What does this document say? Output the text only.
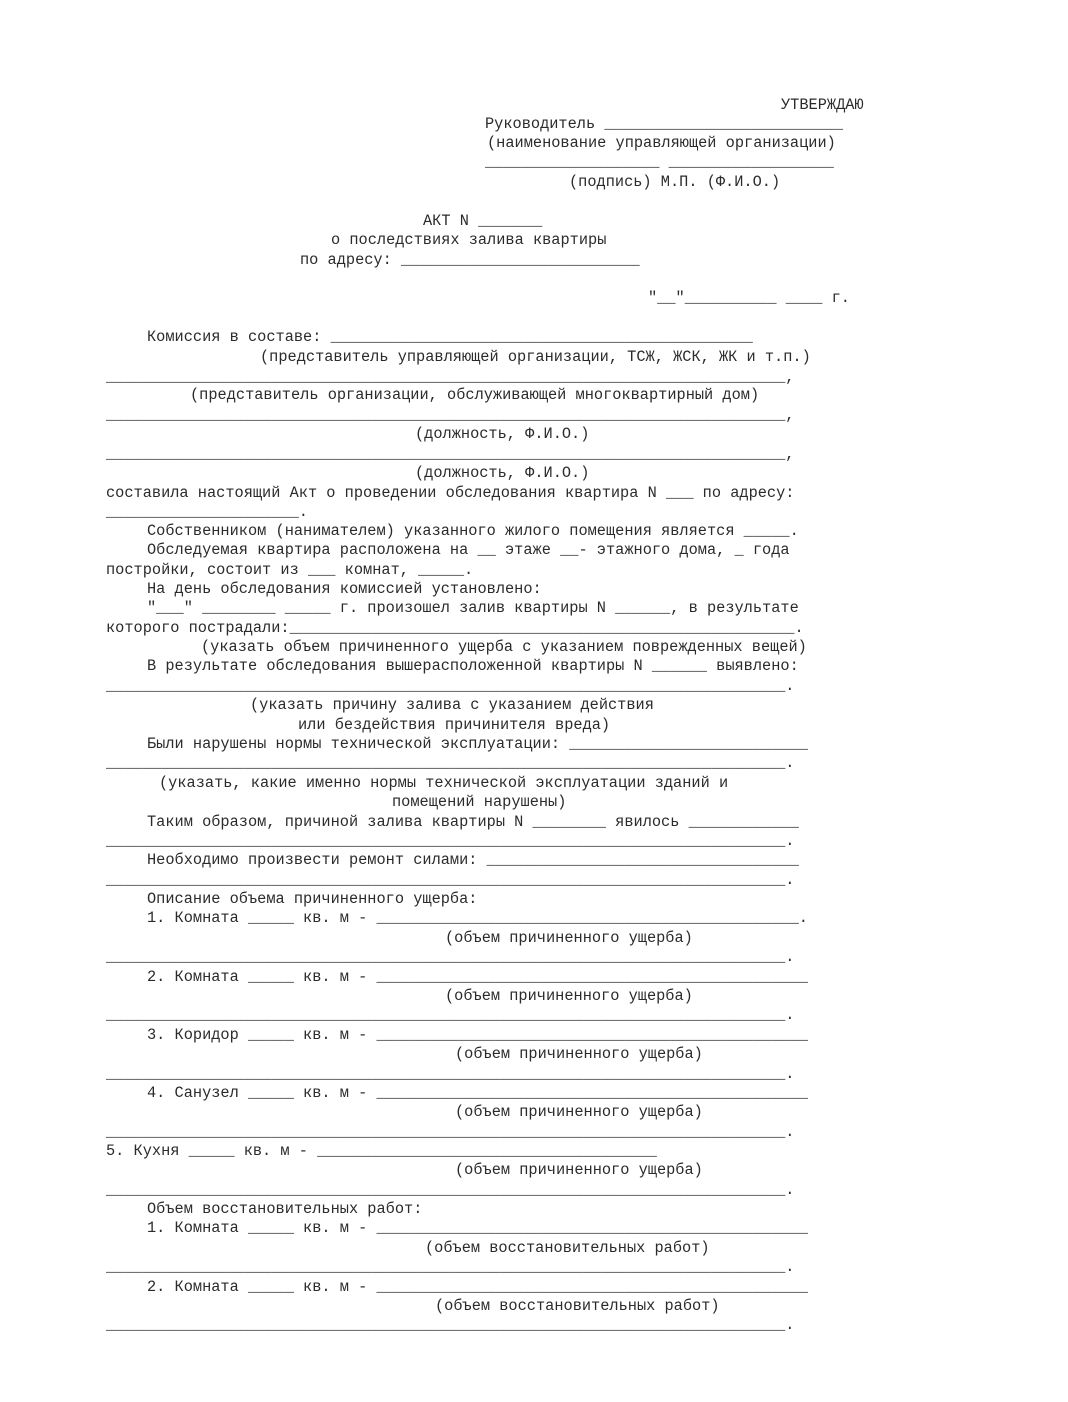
УТВЕРЖДАЮ
Руководитель __________________________
(наименование управляющей организации)
___________________ __________________
(подпись) М.П. (Ф.И.О.)
АКТ N _______
о последствиях залива квартиры
по адресу: __________________________
"__"__________ ____ г.
Комиссия в составе: ______________________________________________
(представитель управляющей организации, ТСЖ, ЖСК, ЖК и т.п.)
__________________________________________________________________________,
(представитель организации, обслуживающей многоквартирный дом)
__________________________________________________________________________,
(должность, Ф.И.О.)
__________________________________________________________________________,
(должность, Ф.И.О.)
составила настоящий Акт о проведении обследования квартира N ___ по адресу:
_____________________.
Собственником (нанимателем) указанного жилого помещения является _____.
Обследуемая квартира расположена на __ этаже __- этажного дома, _ года
постройки, состоит из ___ комнат, _____.
На день обследования комиссией установлено:
"___" ________ _____ г. произошел залив квартиры N ______, в результате
которого пострадали:_______________________________________________________.
(указать объем причиненного ущерба с указанием поврежденных вещей)
В результате обследования вышерасположенной квартиры N ______ выявлено:
__________________________________________________________________________.
(указать причину залива с указанием действия
или бездействия причинителя вреда)
Были нарушены нормы технической эксплуатации: __________________________
__________________________________________________________________________.
(указать, какие именно нормы технической эксплуатации зданий и
помещений нарушены)
Таким образом, причиной залива квартиры N ________ явилось ____________
__________________________________________________________________________.
Необходимо произвести ремонт силами: __________________________________
__________________________________________________________________________.
Описание объема причиненного ущерба:
1. Комната _____ кв. м - ______________________________________________.
(объем причиненного ущерба)
__________________________________________________________________________.
2. Комната _____ кв. м - _______________________________________________
(объем причиненного ущерба)
__________________________________________________________________________.
3. Коридор _____ кв. м - _______________________________________________
(объем причиненного ущерба)
__________________________________________________________________________.
4. Санузел _____ кв. м - _______________________________________________
(объем причиненного ущерба)
__________________________________________________________________________.
5. Кухня _____ кв. м - _____________________________________
(объем причиненного ущерба)
__________________________________________________________________________.
Объем восстановительных работ:
1. Комната _____ кв. м - _______________________________________________
(объем восстановительных работ)
__________________________________________________________________________.
2. Комната _____ кв. м - _______________________________________________
(объем восстановительных работ)
__________________________________________________________________________.
